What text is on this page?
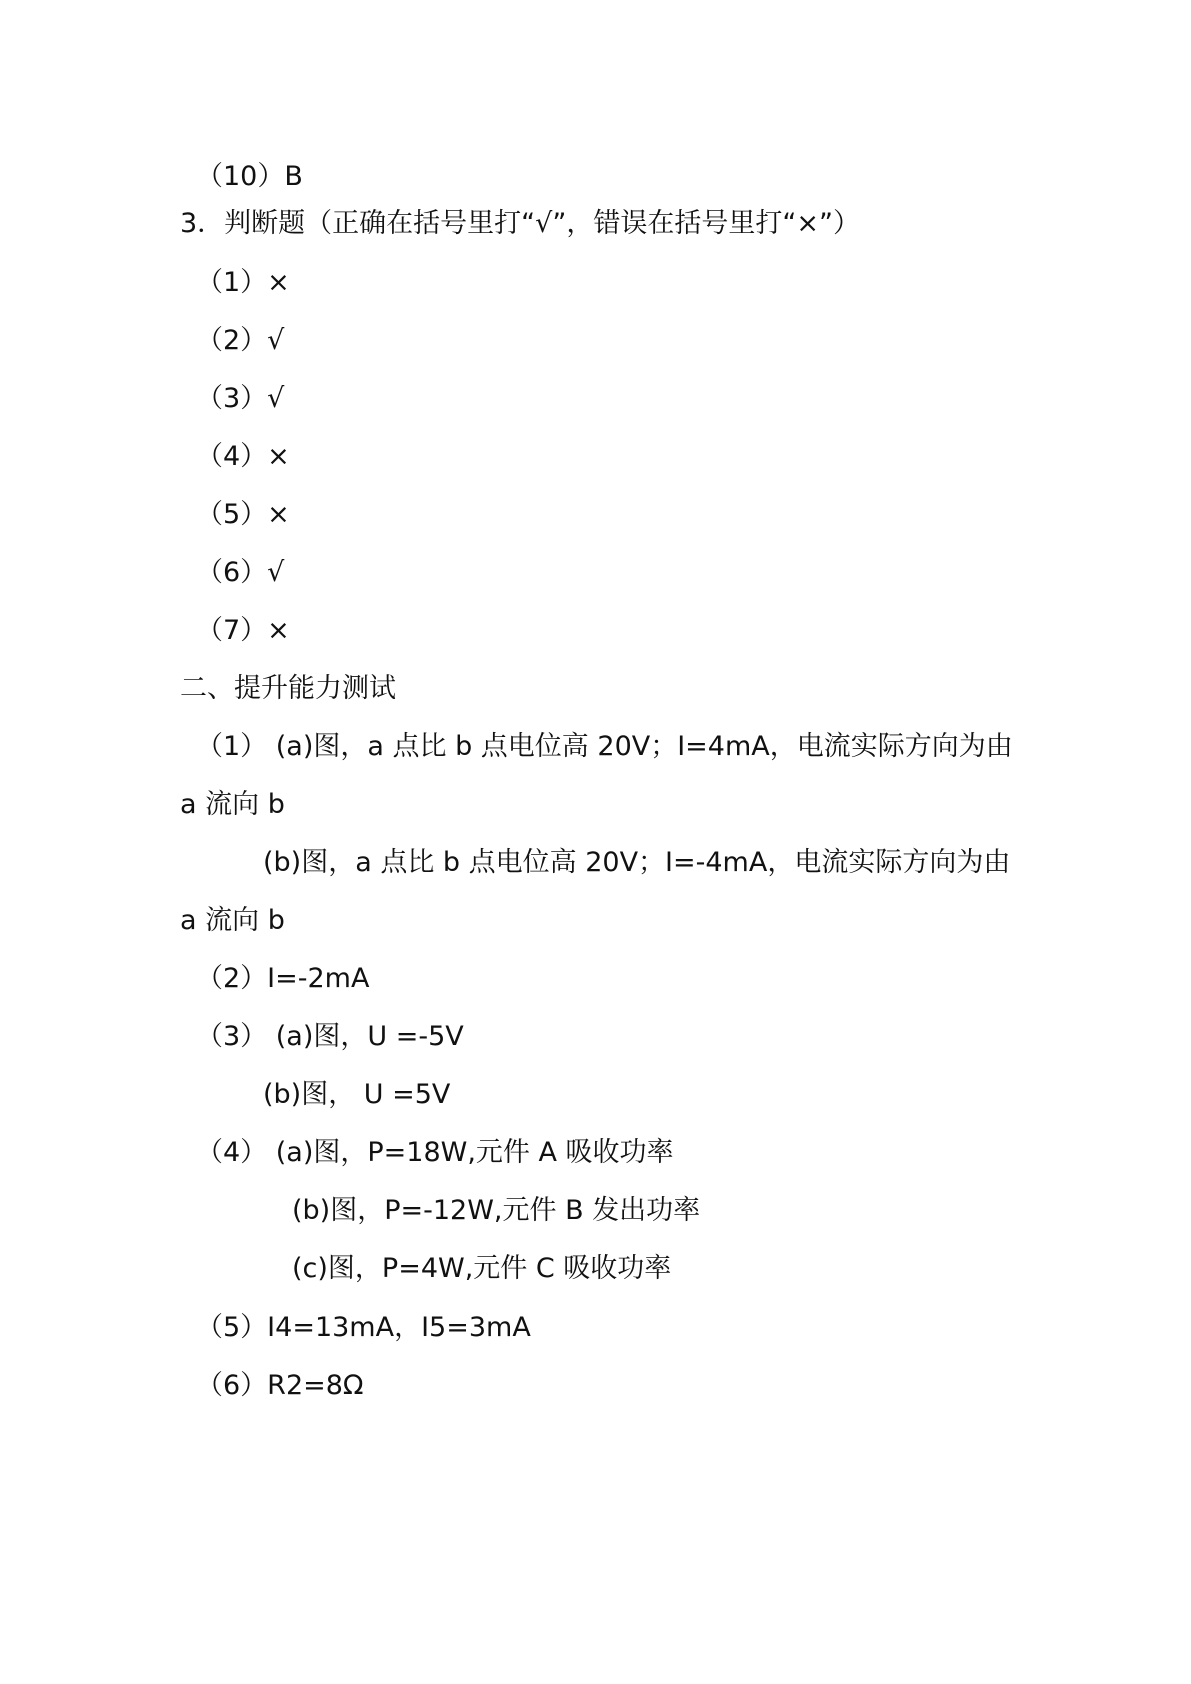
（10）B
3．判断题（正确在括号里打“√”，错误在括号里打“×”）
（1）×
（2）√
（3）√
（4）×
（5）×
（6）√
（7）×
二、提升能力测试
（1） (a)图，a 点比 b 点电位高 20V；I=4mA，电流实际方向为由
a 流向 b
(b)图，a 点比 b 点电位高 20V；I=-4mA，电流实际方向为由
a 流向 b
（2）I=-2mA
（3） (a)图，U =-5V
(b)图， U =5V
（4） (a)图，P=18W,元件 A 吸收功率
(b)图，P=-12W,元件 B 发出功率
(c)图，P=4W,元件 C 吸收功率
（5）I4=13mA，I5=3mA
（6）R2=8Ω
